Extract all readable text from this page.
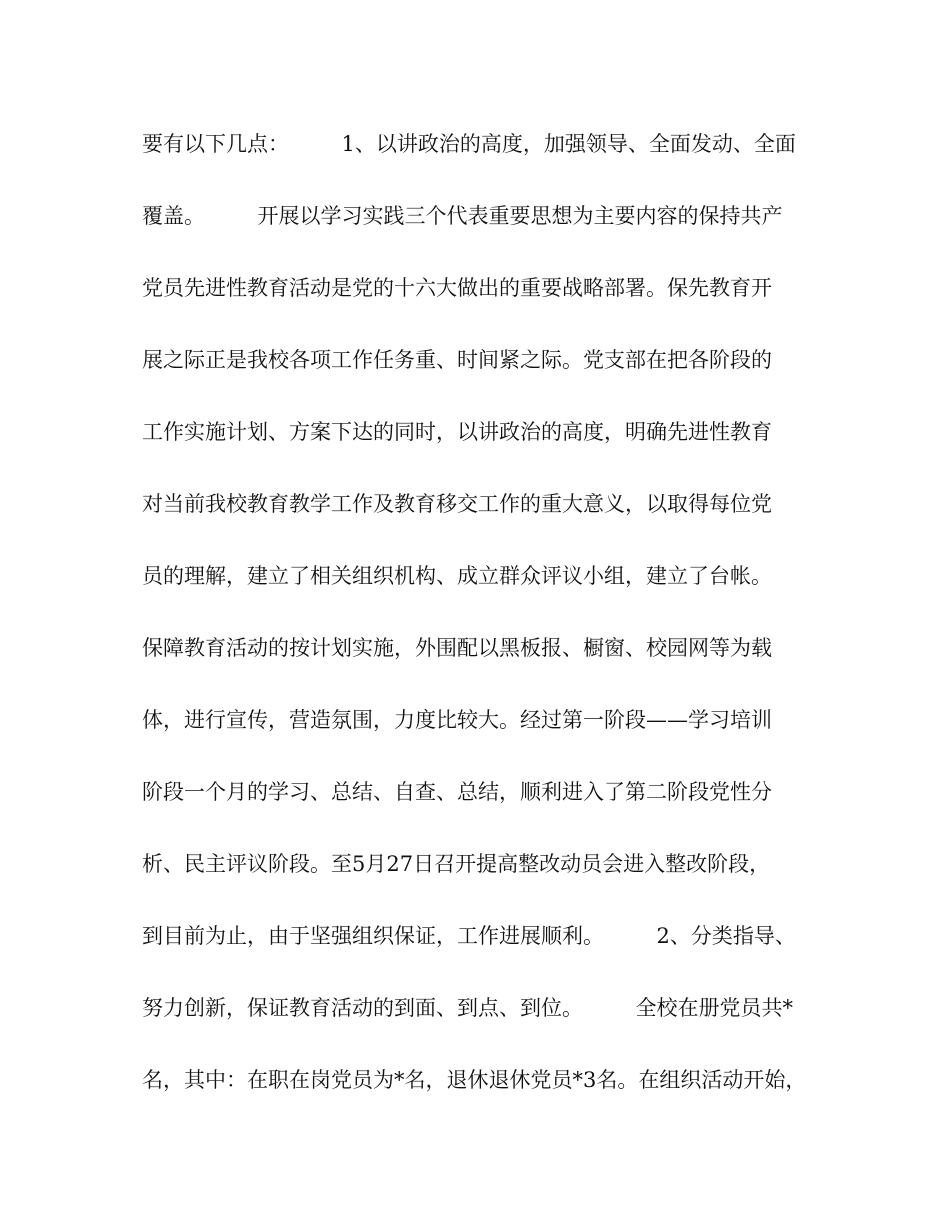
要有以下几点：　　　1、以讲政治的高度，加强领导、全面发动、全面
覆盖。　　　开展以学习实践三个代表重要思想为主要内容的保持共产
党员先进性教育活动是党的十六大做出的重要战略部署。保先教育开
展之际正是我校各项工作任务重、时间紧之际。党支部在把各阶段的
工作实施计划、方案下达的同时，以讲政治的高度，明确先进性教育
对当前我校教育教学工作及教育移交工作的重大意义，以取得每位党
员的理解，建立了相关组织机构、成立群众评议小组，建立了台帐。
保障教育活动的按计划实施，外围配以黑板报、橱窗、校园网等为载
体，进行宣传，营造氛围，力度比较大。经过第一阶段——学习培训
阶段一个月的学习、总结、自查、总结，顺利进入了第二阶段党性分
析、民主评议阶段。至5月27日召开提高整改动员会进入整改阶段，
到目前为止，由于坚强组织保证，工作进展顺利。　　　2、分类指导、
努力创新，保证教育活动的到面、到点、到位。　　　全校在册党员共*
名，其中：在职在岗党员为*名，退休退休党员*3名。在组织活动开始，
